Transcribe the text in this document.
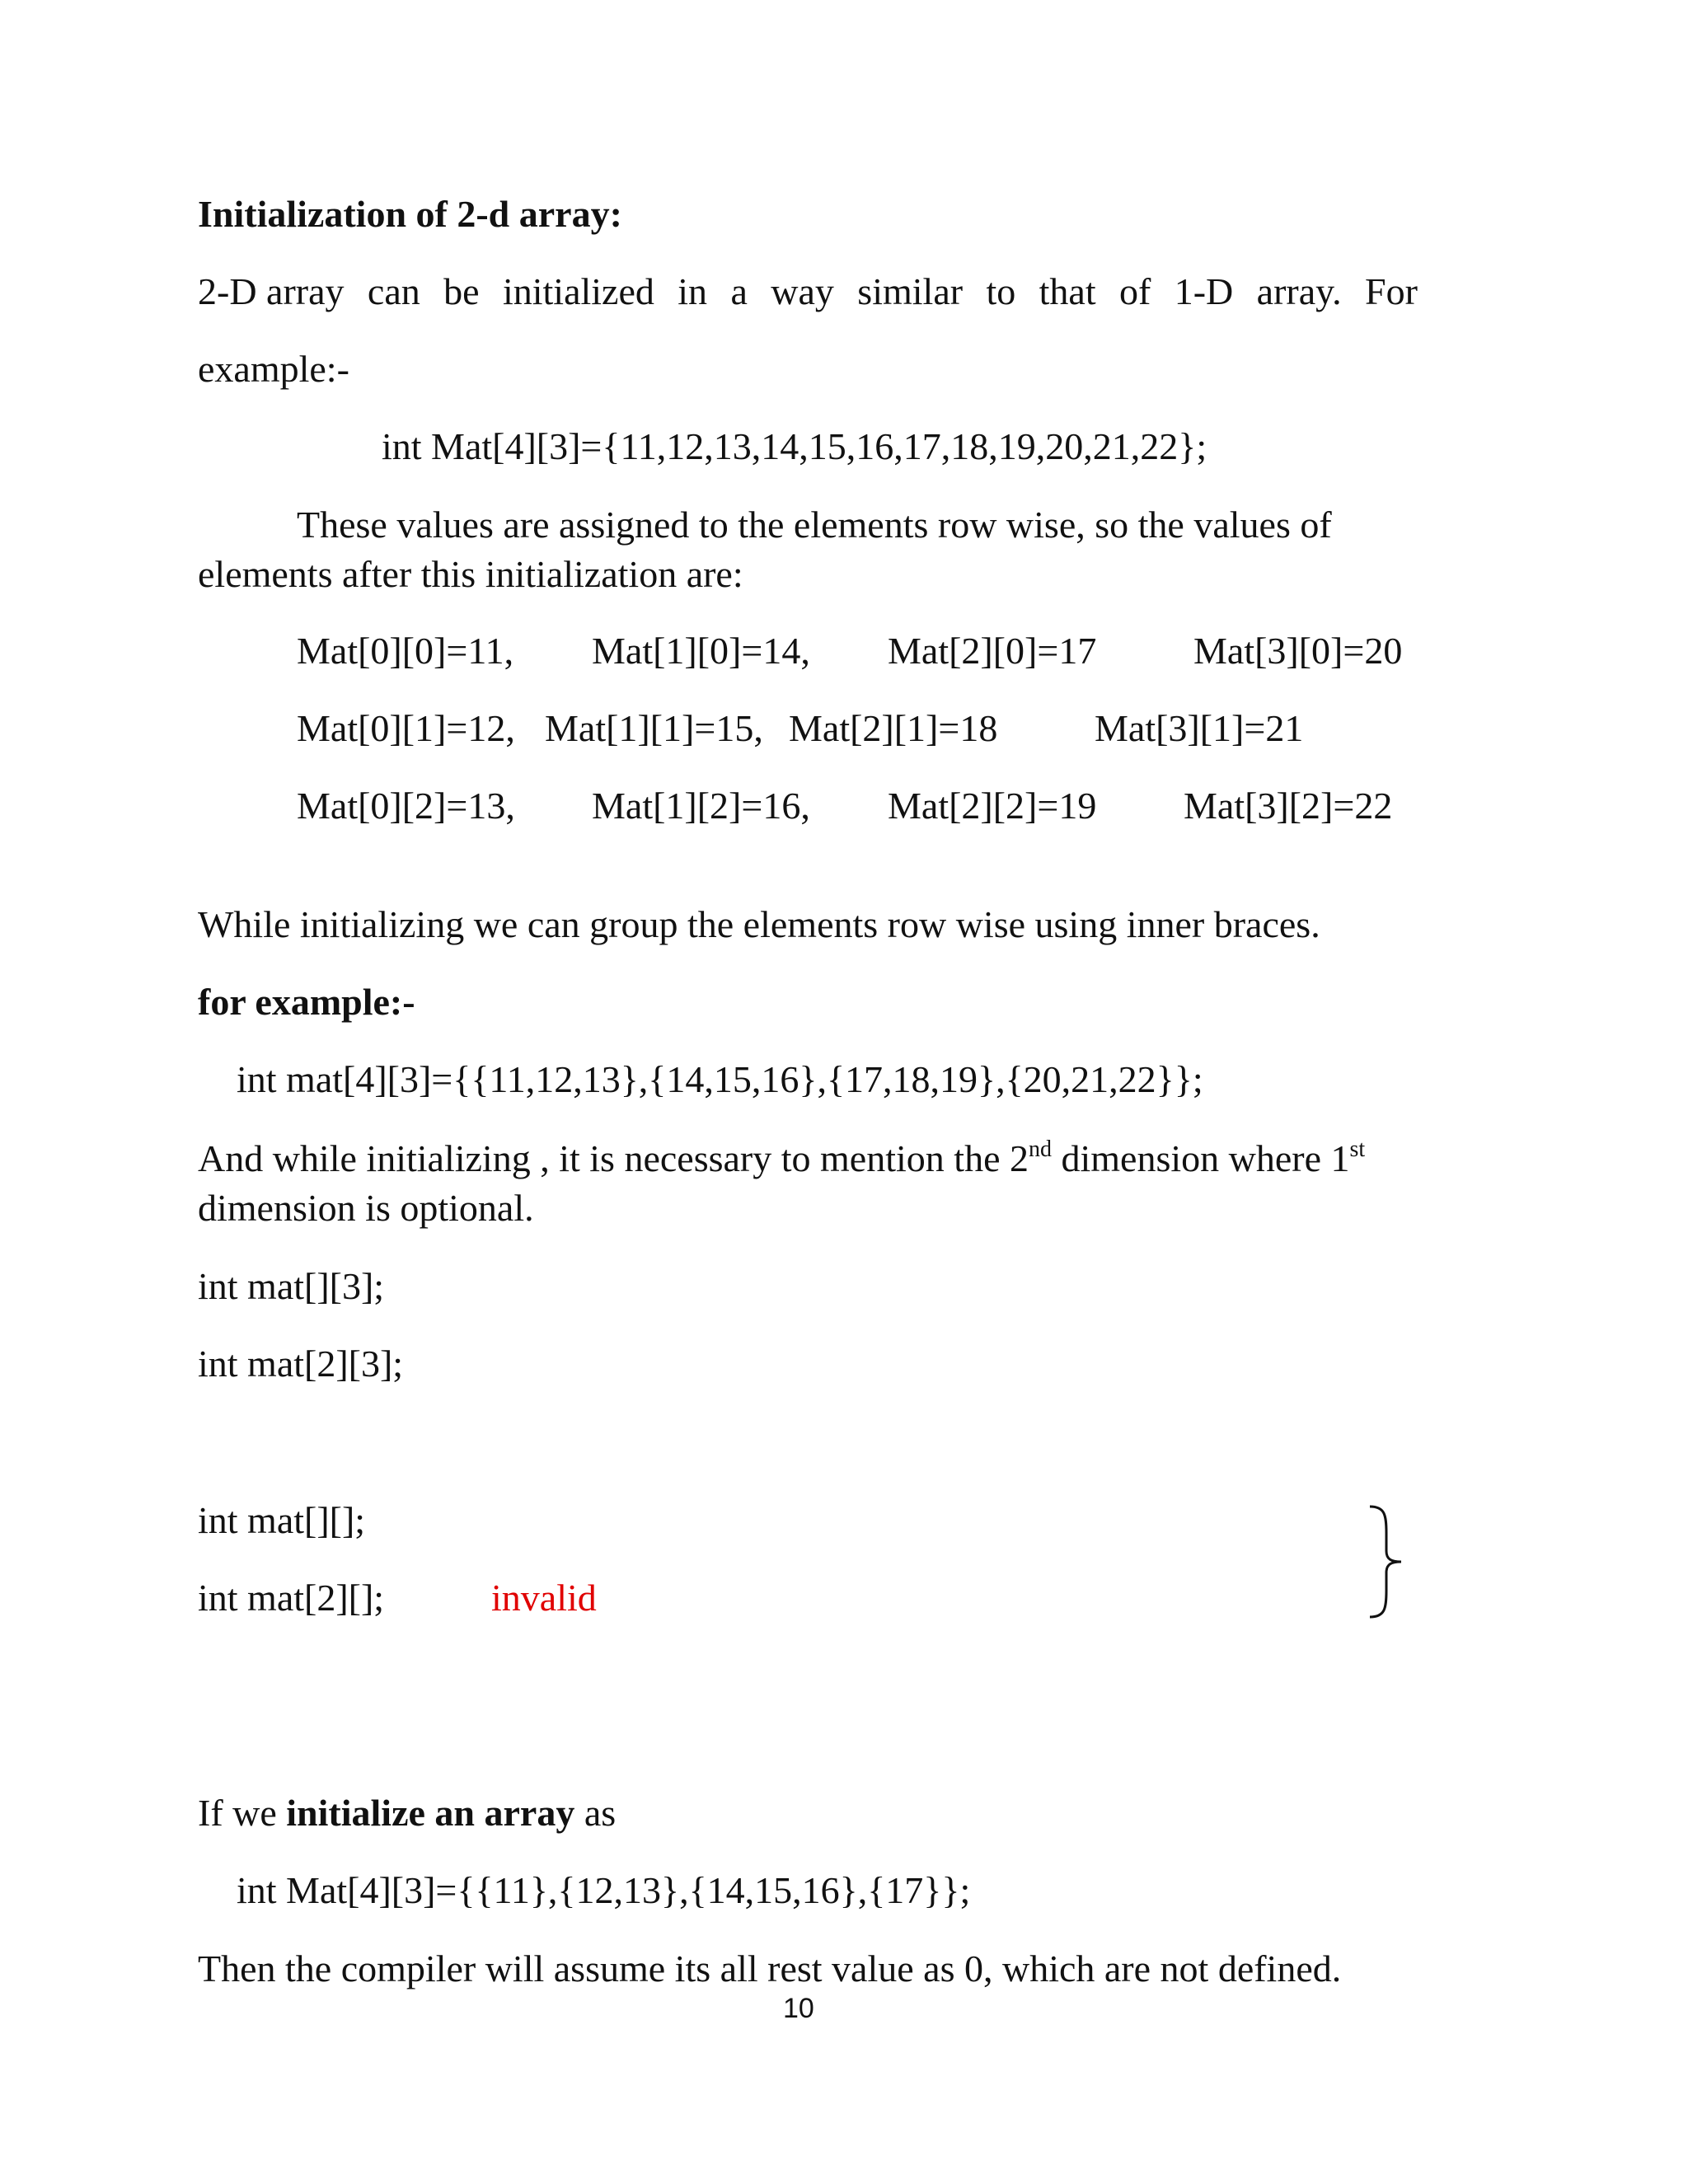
Initialization of 2-d array:
2-D array can be initialized in a way similar to that of 1-D array. For
example:-
int Mat[4][3]={11,12,13,14,15,16,17,18,19,20,21,22};
These values are assigned to the elements row wise, so the values of
elements after this initialization are:
Mat[0][0]=11, Mat[1][0]=14, Mat[2][0]=17	Mat[3][0]=20
Mat[0][1]=12, Mat[1][1]=15, Mat[2][1]=18	Mat[3][1]=21
Mat[0][2]=13, Mat[1][2]=16, Mat[2][2]=19 Mat[3][2]=22
While initializing we can group the elements row wise using inner braces.
for example:-
int mat[4][3]={{11,12,13},{14,15,16},{17,18,19},{20,21,22}};
And while initializing , it is necessary to mention the 2nd dimension where 1st
dimension is optional.
int mat[][3];
int mat[2][3];
int mat[][];
int mat[2][];	invalid
If we initialize an array as
int Mat[4][3]={{11},{12,13},{14,15,16},{17}};
Then the compiler will assume its all rest value as 0, which are not defined.
10
